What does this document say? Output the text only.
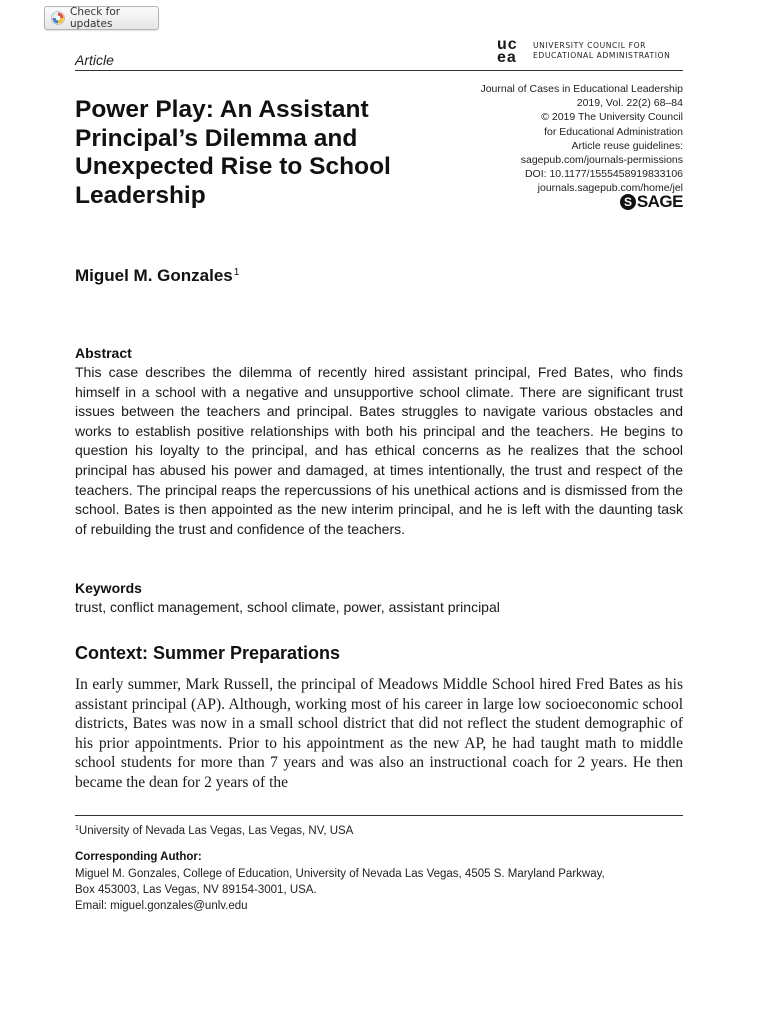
Check for updates
Article
uc ea
UNIVERSITY COUNCIL FOR
EDUCATIONAL ADMINISTRATION
Journal of Cases in Educational Leadership
2019, Vol. 22(2) 68–84
© 2019 The University Council
for Educational Administration
Article reuse guidelines:
sagepub.com/journals-permissions
DOI: 10.1177/1555458919833106
journals.sagepub.com/home/jel
S SAGE
Power Play: An Assistant Principal’s Dilemma and Unexpected Rise to School Leadership
Miguel M. Gonzales$^1$
Abstract

This case describes the dilemma of recently hired assistant principal, Fred Bates, who finds himself in a school with a negative and unsupportive school climate. There are significant trust issues between the teachers and principal. Bates struggles to navigate various obstacles and works to establish positive relationships with both his principal and the teachers. He begins to question his loyalty to the principal, and has ethical concerns as he realizes that the school principal has abused his power and damaged, at times intentionally, the trust and respect of the teachers. The principal reaps the repercussions of his unethical actions and is dismissed from the school. Bates is then appointed as the new interim principal, and he is left with the daunting task of rebuilding the trust and confidence of the teachers.

Keywords
trust, conflict management, school climate, power, assistant principal
Context: Summer Preparations

In early summer, Mark Russell, the principal of Meadows Middle School hired Fred Bates as his assistant principal (AP). Although, working most of his career in large low socioeconomic school districts, Bates was now in a small school district that did not reflect the student demographic of his prior appointments. Prior to his appointment as the new AP, he had taught math to middle school students for more than 7 years and was also an instructional coach for 2 years. He then became the dean for 2 years of the

$^1$University of Nevada Las Vegas, Las Vegas, NV, USA
Corresponding Author:
Miguel M. Gonzales, College of Education, University of Nevada Las Vegas, 4505 S. Maryland Parkway,
Box 453003, Las Vegas, NV 89154-3001, USA.
Email: miguel.gonzales@unlv.edu
